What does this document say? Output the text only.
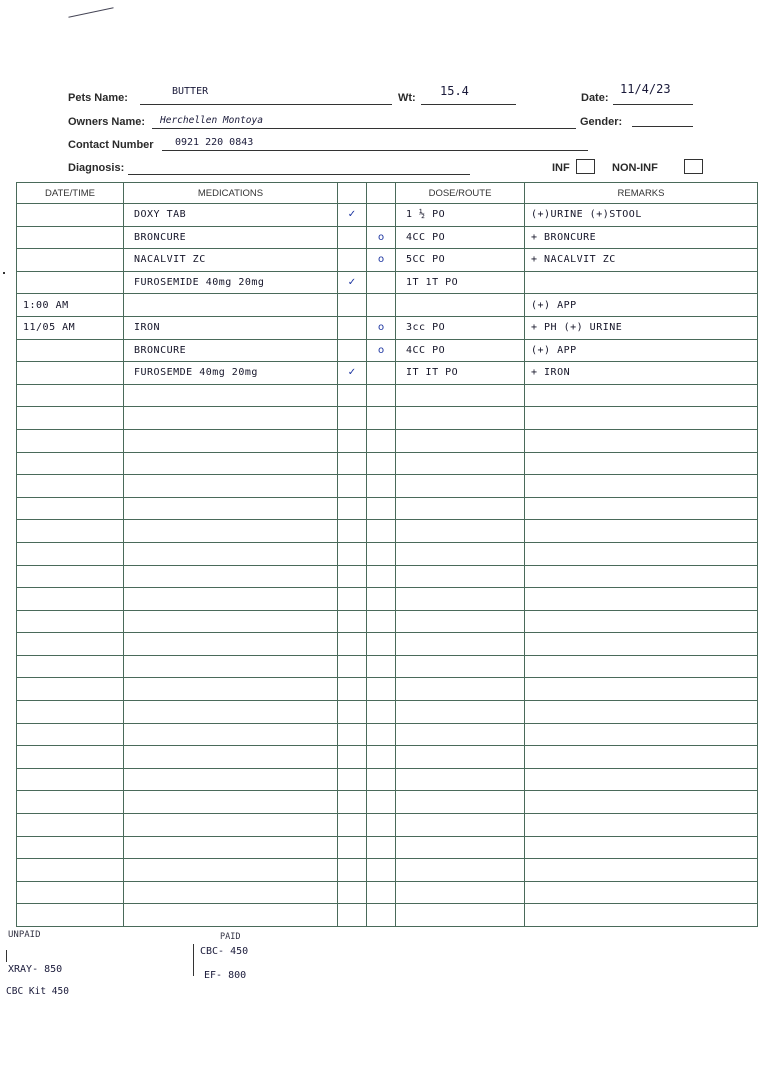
Pets Name:
BUTTER
Wt: 15.4	Date:
11/4/23
Owners Name: Herchellen Montoya	Gender:
Contact Number 0921 220 0843
Diagnosis:	INF	NON-INF
DATE/TIME	MEDICATIONS			DOSE/ROUTE	REMARKS
	DOXY TAB	✓		1 ½ PO	(+)URINE (+)STOOL
	BRONCURE		o	4CC PO	+ BRONCURE
	NACALVIT ZC		o	5CC PO	+ NACALVIT ZC
	FUROSEMIDE 40mg 20mg	✓		1T 1T PO	
1:00 AM					(+) APP
11/05 AM	IRON		o	3cc PO	+ PH (+) URINE
	BRONCURE		o	4CC PO	(+) APP
	FUROSEMDE 40mg 20mg	✓		IT IT PO	+ IRON

UNPAID
XRAY- 850
CBC Kit 450
PAID
CBC- 450
EF- 800
